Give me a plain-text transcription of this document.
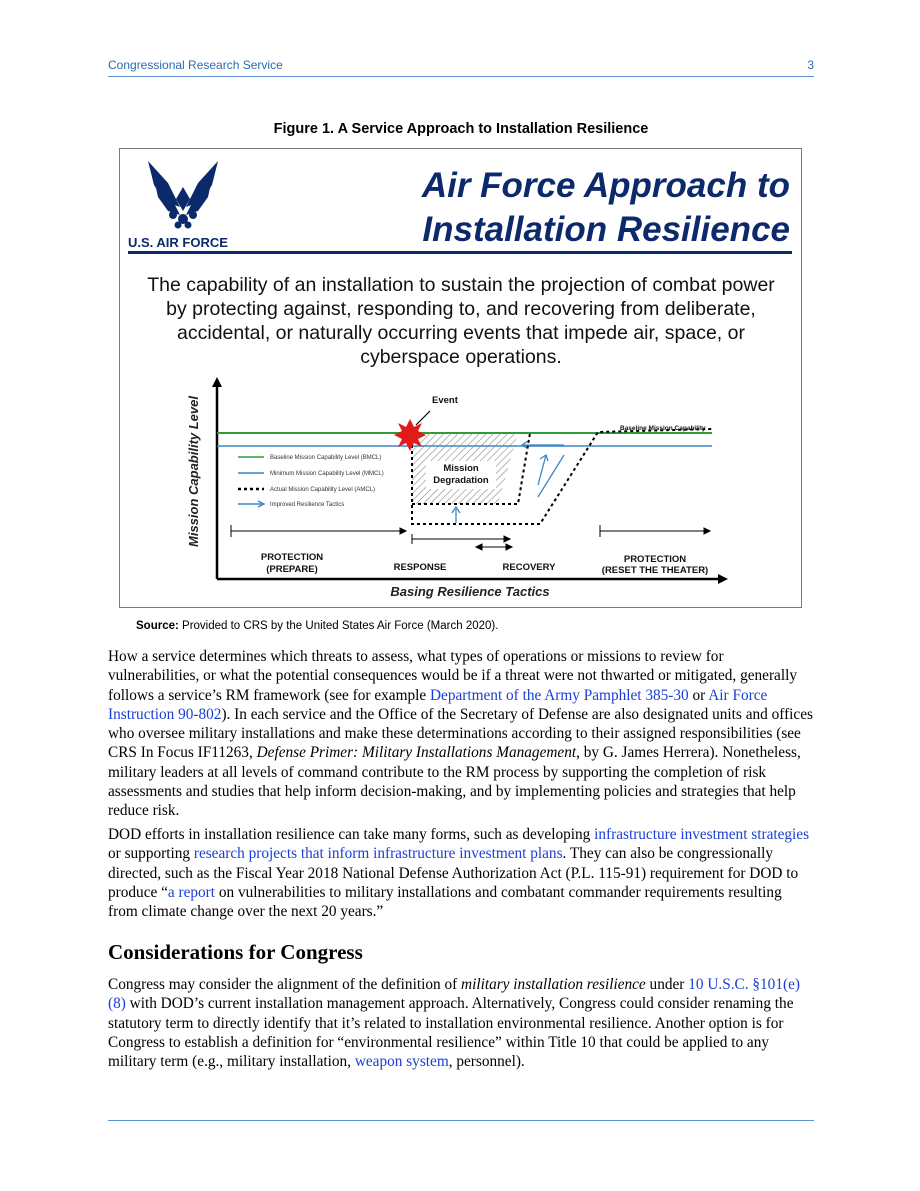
Congressional Research Service	3
Figure 1. A Service Approach to Installation Resilience
U.S. AIR FORCE
Air Force Approach to
Installation Resilience
The capability of an installation to sustain the projection of combat power
by protecting against, responding to, and recovering from deliberate,
accidental, or naturally occurring events that impede air, space, or
cyberspace operations.
Mission Capability Level
Basing Resilience Tactics
Mission
Degradation
Event
Baseline Mission Capability
Baseline Mission Capability Level (BMCL)
Minimum Mission Capability Level (MMCL)
Actual Mission Capability Level (AMCL)
Improved Resilience Tactics
PROTECTION
(PREPARE)	RESPONSE	RECOVERY
PROTECTION
(RESET THE THEATER)
Source: Provided to CRS by the United States Air Force (March 2020).

How a service determines which threats to assess, what types of operations or missions to review for vulnerabilities, or what the potential consequences would be if a threat were not thwarted or mitigated, generally follows a service’s RM framework (see for example Department of the Army Pamphlet 385-30 or Air Force Instruction 90-802). In each service and the Office of the Secretary of Defense are also designated units and offices who oversee military installations and make these determinations according to their assigned responsibilities (see CRS In Focus IF11263, Defense Primer: Military Installations Management, by G. James Herrera). Nonetheless, military leaders at all levels of command contribute to the RM process by supporting the completion of risk assessments and studies that help inform decision-making, and by implementing policies and strategies that help reduce risk.

DOD efforts in installation resilience can take many forms, such as developing infrastructure investment strategies or supporting research projects that inform infrastructure investment plans. They can also be congressionally directed, such as the Fiscal Year 2018 National Defense Authorization Act (P.L. 115-91) requirement for DOD to produce “a report on vulnerabilities to military installations and combatant commander requirements resulting from climate change over the next 20 years.”

Considerations for Congress

Congress may consider the alignment of the definition of military installation resilience under 10 U.S.C. §101(e)(8) with DOD’s current installation management approach. Alternatively, Congress could consider renaming the statutory term to directly identify that it’s related to installation environmental resilience. Another option is for Congress to establish a definition for “environmental resilience” within Title 10 that could be applied to any military term (e.g., military installation, weapon system, personnel).
